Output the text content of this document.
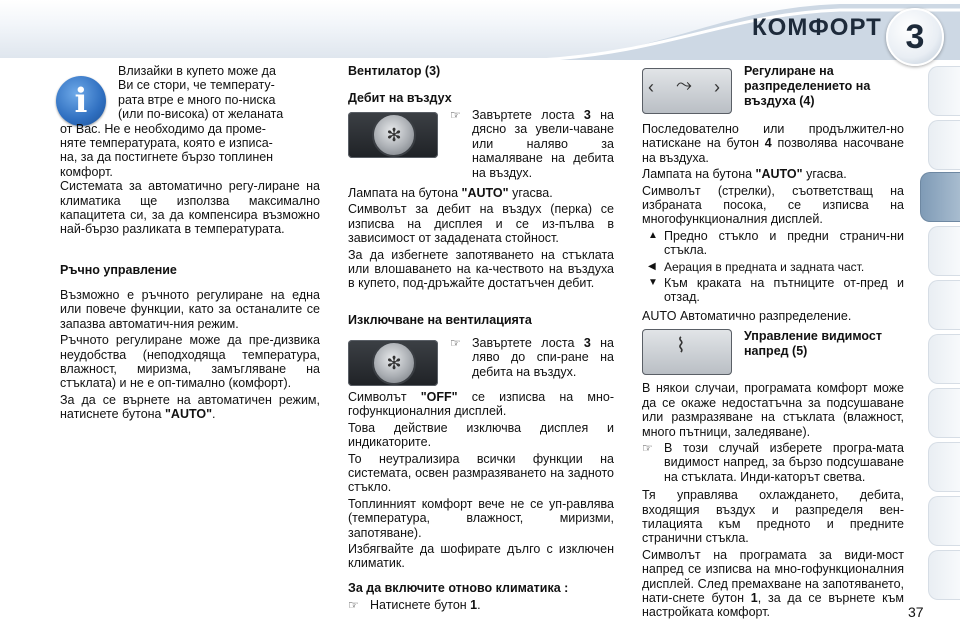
КОМФОРТ 3
i
Влизайки в купето може да
Ви се стори, че температу-
рата втре е много по-ниска
(или по-висока) от желаната
от Вас. Не е необходимо да проме-
няте температурата, която е изписа-
на, за да постигнете бързо топлинен
комфорт.

Системата за автоматично регу-лиране на климатика ще използва максимално капацитета си, за да компенсира възможно най-бързо разликата в температурата.

Ръчно управление

Възможно е ръчното регулиране на една или повече функции, като за останалите се запазва автоматич-ния режим.

Ръчното регулиране може да пре-дизвика неудобства (неподходяща температура, влажност, миризма, замъгляване на стъклата) и не е оп-тимално (комфорт).

За да се върнете на автоматичен режим, натиснете бутона "AUTO".

Вентилатор (3)
Дебит на въздух
✻
☞ Завъртете лоста 3 на дясно за увели-чаване или наляво за намаляване на дебита на въздух.

Лампата на бутона "AUTO" угасва.

Символът за дебит на въздух (перка) се изписва на дисплея и се из-пълва в зависимост от зададената стойност.

За да избегнете запотяването на стъклата или влошаването на ка-чеството на въздуха в купето, под-дръжайте достатъчен дебит.

Изключване на вентилацията
✻
☞ Завъртете лоста 3 на ляво до спи-ране на дебита на въздух.

Символът "OFF" се изписва на мно-гофункционалния дисплей.

Това действие изключва дисплея и индикаторите.

То неутрализира всички функции на системата, освен размразяването на задното стъкло.

Топлинният комфорт вече не се уп-равлява (температура, влажност, миризми, запотяване).

Избягвайте да шофирате дълго с изключен климатик.

За да включите отново климатика :
☞ Натиснете бутон 1.

‹ ⤳ ›
Регулиране на разпределението на въздуха (4)

Последователно или продължител-но натискане на бутон 4 позволява насочване на въздуха.

Лампата на бутона "AUTO" угасва.

Символът (стрелки), съответстващ на избраната посока, се изписва на многофункционалния дисплей.

▲ Предно стъкло и предни странич-ни стъкла.

◀ Аерация в предната и задната част.

▼ Към краката на пътниците от-пред и отзад.

AUTO Автоматично разпределение.

⌇	Управление видимост напред (5)

В някои случаи, програмата комфорт може да се окаже недостатъчна за подсушаване или размразяване на стъклата (влажност, много пътници, заледяване).

☞ В този случай изберете програ-мата видимост напред, за бързо подсушаване на стъклата. Инди-каторът светва.

Тя управлява охлаждането, дебита, входящия въздух и разпределя вен-тилацията към предното и предните странични стъкла.

Символът на програмата за види-мост напред се изписва на мно-гофункционалния дисплей. След премахване на запотяването, нати-снете бутон 1, за да се върнете към настройката комфорт.	37
